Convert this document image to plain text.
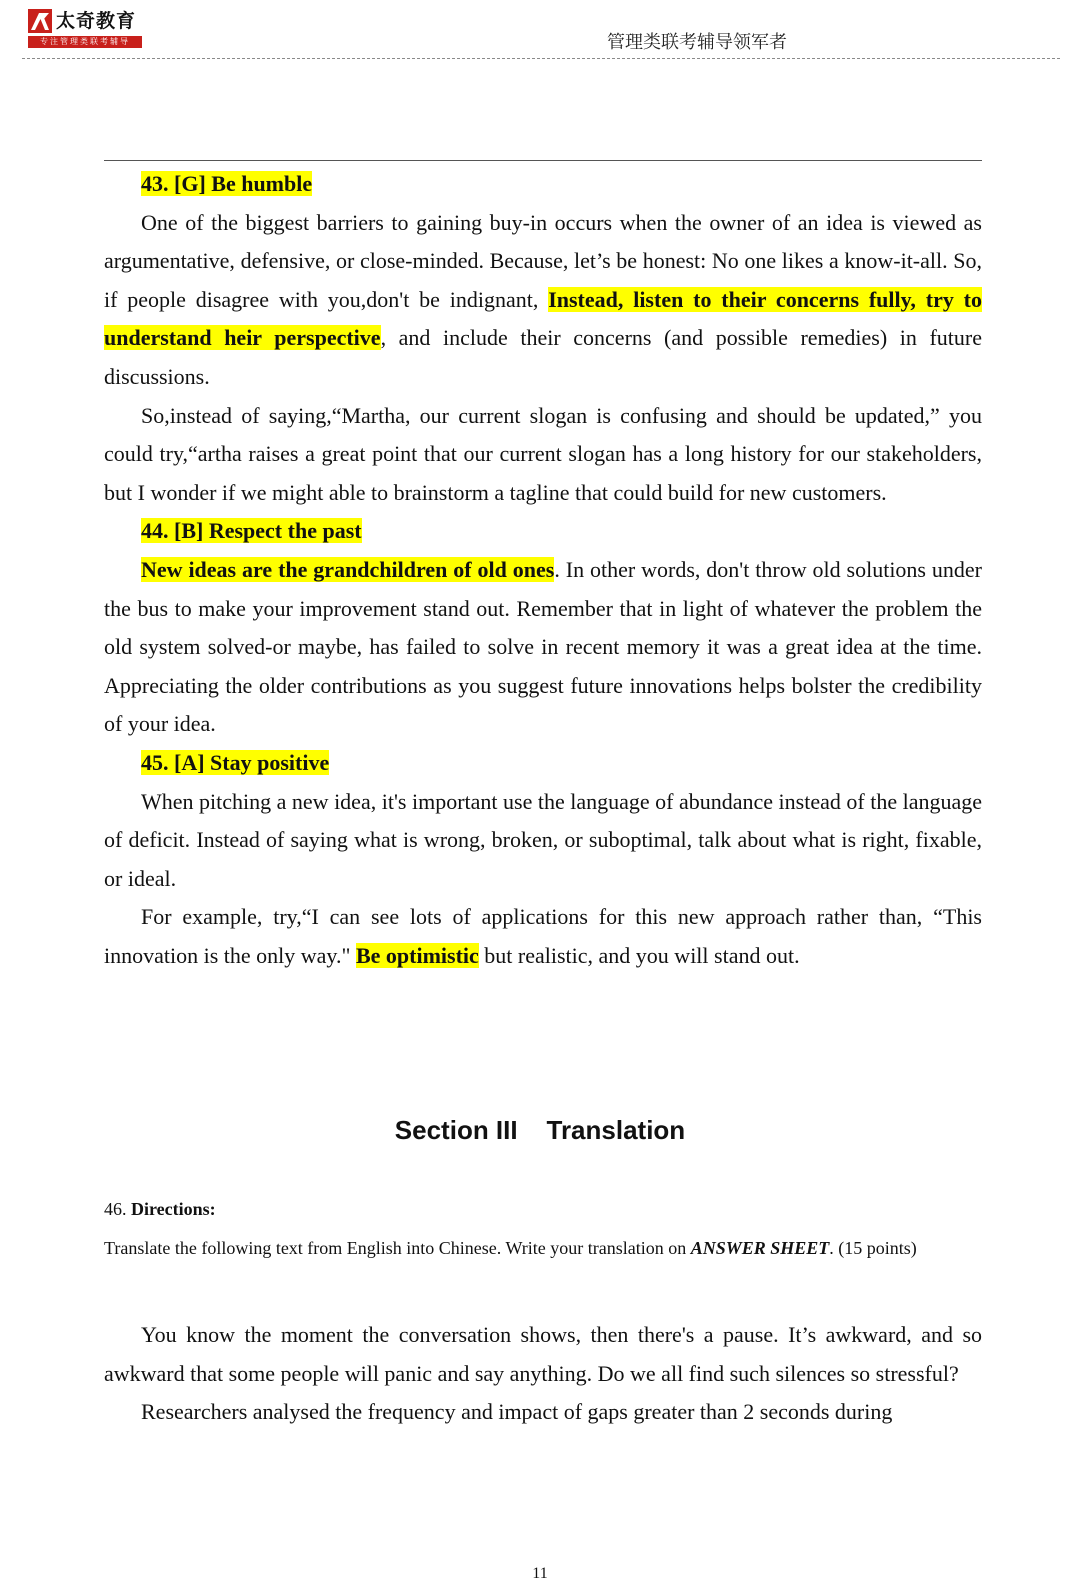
太奇教育
专注管理类联考辅导	管理类联考辅导领军者

43. [G] Be humble

One of the biggest barriers to gaining buy-in occurs when the owner of an idea is viewed as argumentative, defensive, or close-minded. Because, let’s be honest: No one likes a know-it-all. So, if people disagree with you,don't be indignant, Instead, listen to their concerns fully, try to understand heir perspective, and include their concerns (and possible remedies) in future discussions.

So,instead of saying,“Martha, our current slogan is confusing and should be updated,” you could try,“artha raises a great point that our current slogan has a long history for our stakeholders, but I wonder if we might able to brainstorm a tagline that could build for new customers.

44. [B] Respect the past

New ideas are the grandchildren of old ones. In other words, don't throw old solutions under the bus to make your improvement stand out. Remember that in light of whatever the problem the old system solved-or maybe, has failed to solve in recent memory it was a great idea at the time. Appreciating the older contributions as you suggest future innovations helps bolster the credibility of your idea.

45. [A] Stay positive

When pitching a new idea, it's important use the language of abundance instead of the language of deficit. Instead of saying what is wrong, broken, or suboptimal, talk about what is right, fixable, or ideal.

For example, try,“I can see lots of applications for this new approach rather than, “This innovation is the only way." Be optimistic but realistic, and you will stand out.

Section III    Translation

46. Directions:

Translate the following text from English into Chinese. Write your translation on ANSWER SHEET. (15 points)

You know the moment the conversation shows, then there's a pause. It’s awkward, and so awkward that some people will panic and say anything. Do we all find such silences so stressful?

Researchers analysed the frequency and impact of gaps greater than 2 seconds during

11
